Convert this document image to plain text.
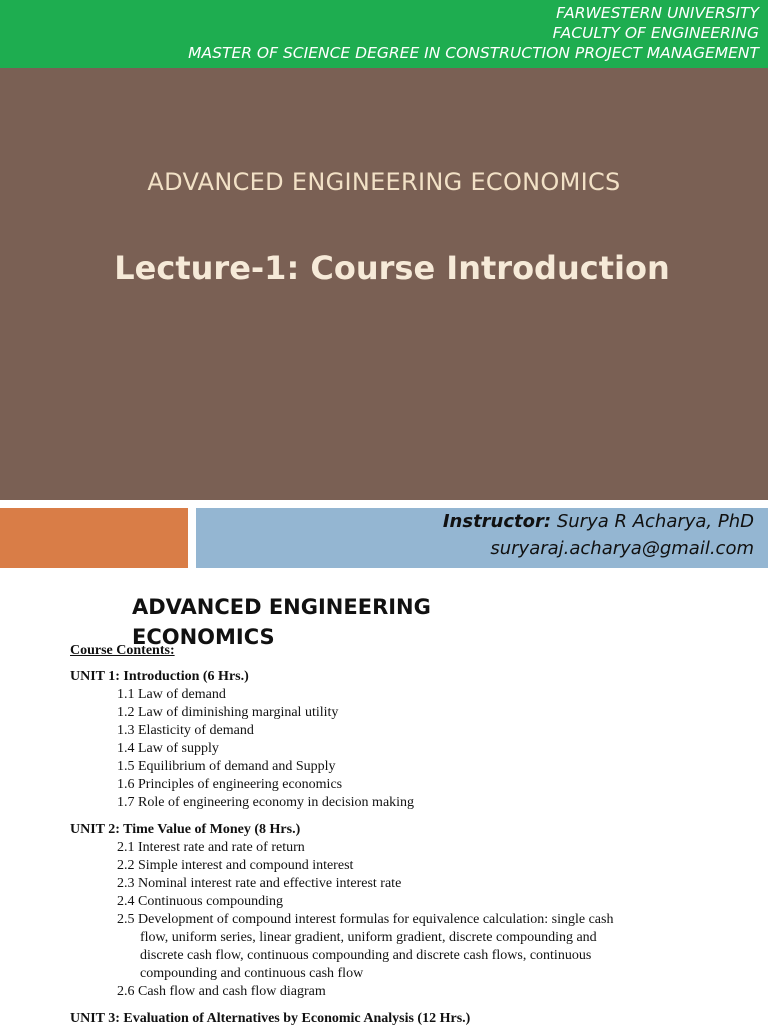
FARWESTERN UNIVERSITY
FACULTY OF ENGINEERING
MASTER OF SCIENCE DEGREE IN CONSTRUCTION PROJECT MANAGEMENT
ADVANCED ENGINEERING ECONOMICS
Lecture-1: Course Introduction
Instructor: Surya R Acharya, PhD
suryaraj.acharya@gmail.com
ADVANCED ENGINEERING ECONOMICS
Course Contents:
UNIT 1: Introduction (6 Hrs.)
1.1 Law of demand
1.2 Law of diminishing marginal utility
1.3 Elasticity of demand
1.4 Law of supply
1.5 Equilibrium of demand and Supply
1.6 Principles of engineering economics
1.7 Role of engineering economy in decision making
UNIT 2: Time Value of Money (8 Hrs.)
2.1 Interest rate and rate of return
2.2 Simple interest and compound interest
2.3 Nominal interest rate and effective interest rate
2.4 Continuous compounding
2.5 Development of compound interest formulas for equivalence calculation: single cash
flow, uniform series, linear gradient, uniform gradient, discrete compounding and
discrete cash flow, continuous compounding and discrete cash flows, continuous
compounding and continuous cash flow
2.6 Cash flow and cash flow diagram
UNIT 3: Evaluation of Alternatives by Economic Analysis (12 Hrs.)
